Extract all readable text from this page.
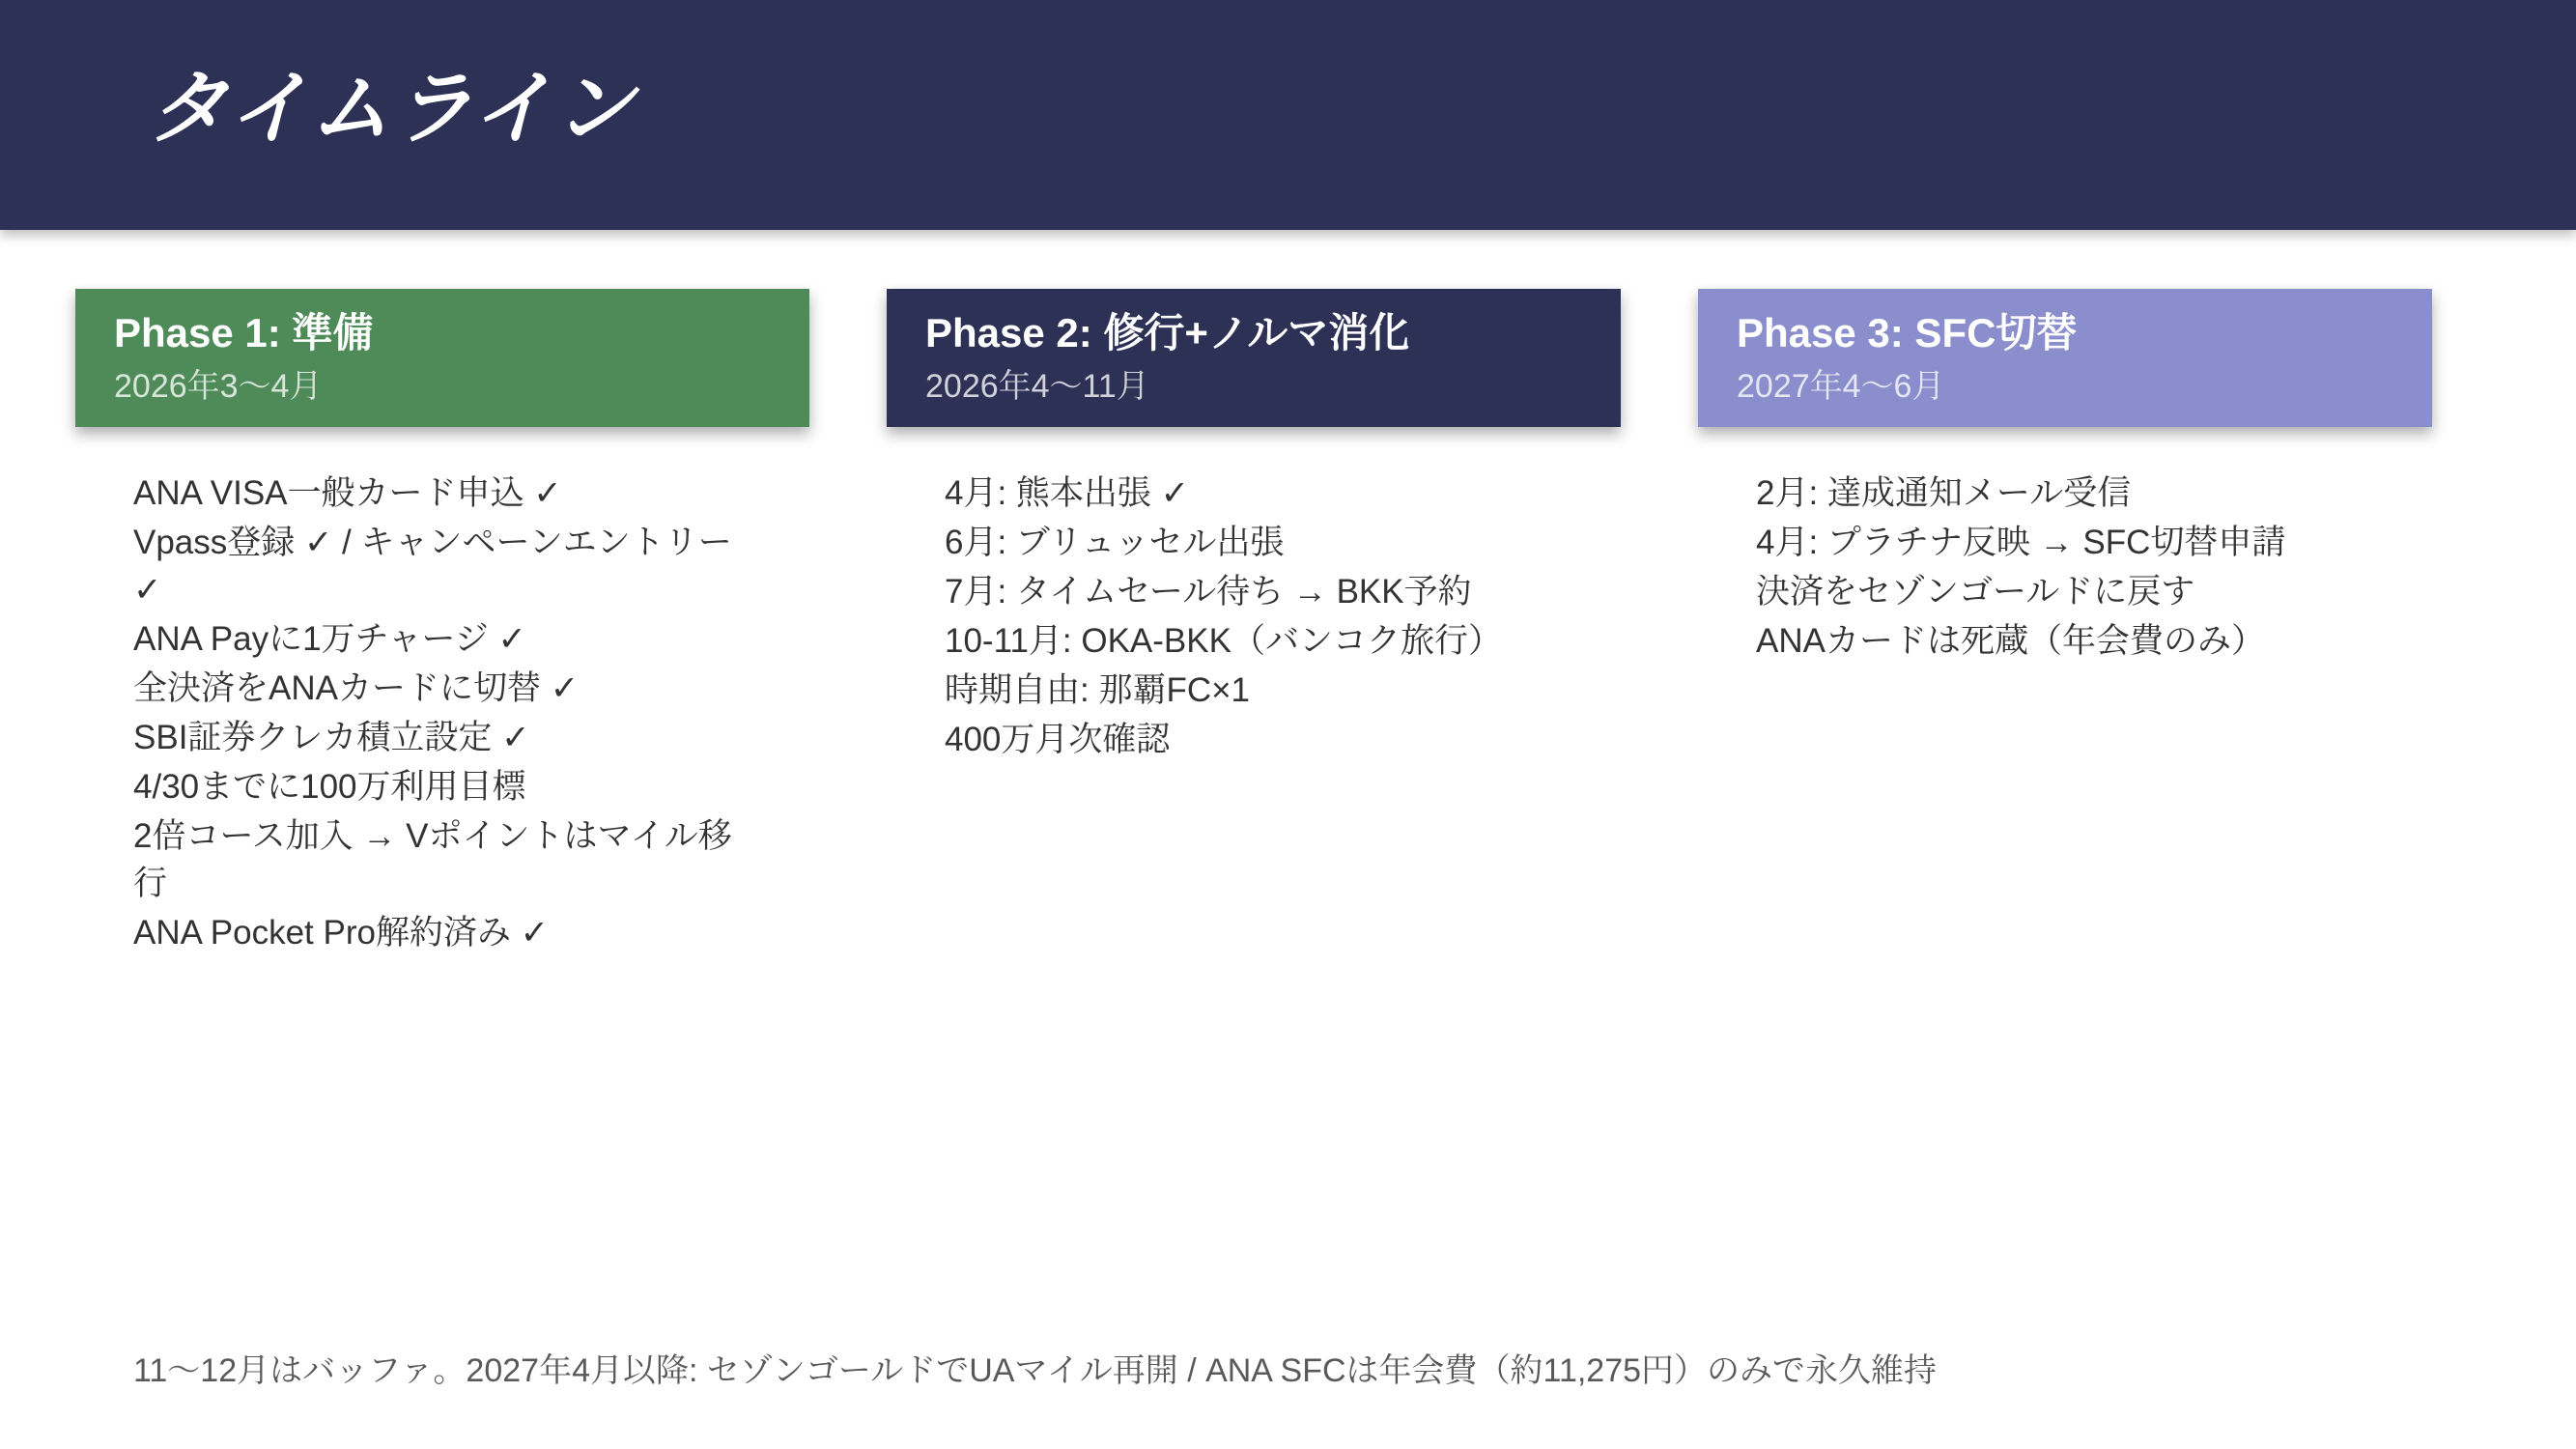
タイムライン
Phase 1: 準備

2026年3〜4月

ANA VISA一般カード申込 ✓
Vpass登録 ✓ / キャンペーンエントリー ✓
ANA Payに1万チャージ ✓
全決済をANAカードに切替 ✓
SBI証券クレカ積立設定 ✓
4/30までに100万利用目標
2倍コース加入 → Vポイントはマイル移行
ANA Pocket Pro解約済み ✓
Phase 2: 修行+ノルマ消化

2026年4〜11月

4月: 熊本出張 ✓
6月: ブリュッセル出張
7月: タイムセール待ち → BKK予約
10-11月: OKA-BKK（バンコク旅行）
時期自由: 那覇FC×1
400万月次確認
Phase 3: SFC切替

2027年4〜6月

2月: 達成通知メール受信
4月: プラチナ反映 → SFC切替申請
決済をセゾンゴールドに戻す
ANAカードは死蔵（年会費のみ）
11〜12月はバッファ。2027年4月以降: セゾンゴールドでUAマイル再開 / ANA SFCは年会費（約11,275円）のみで永久維持
